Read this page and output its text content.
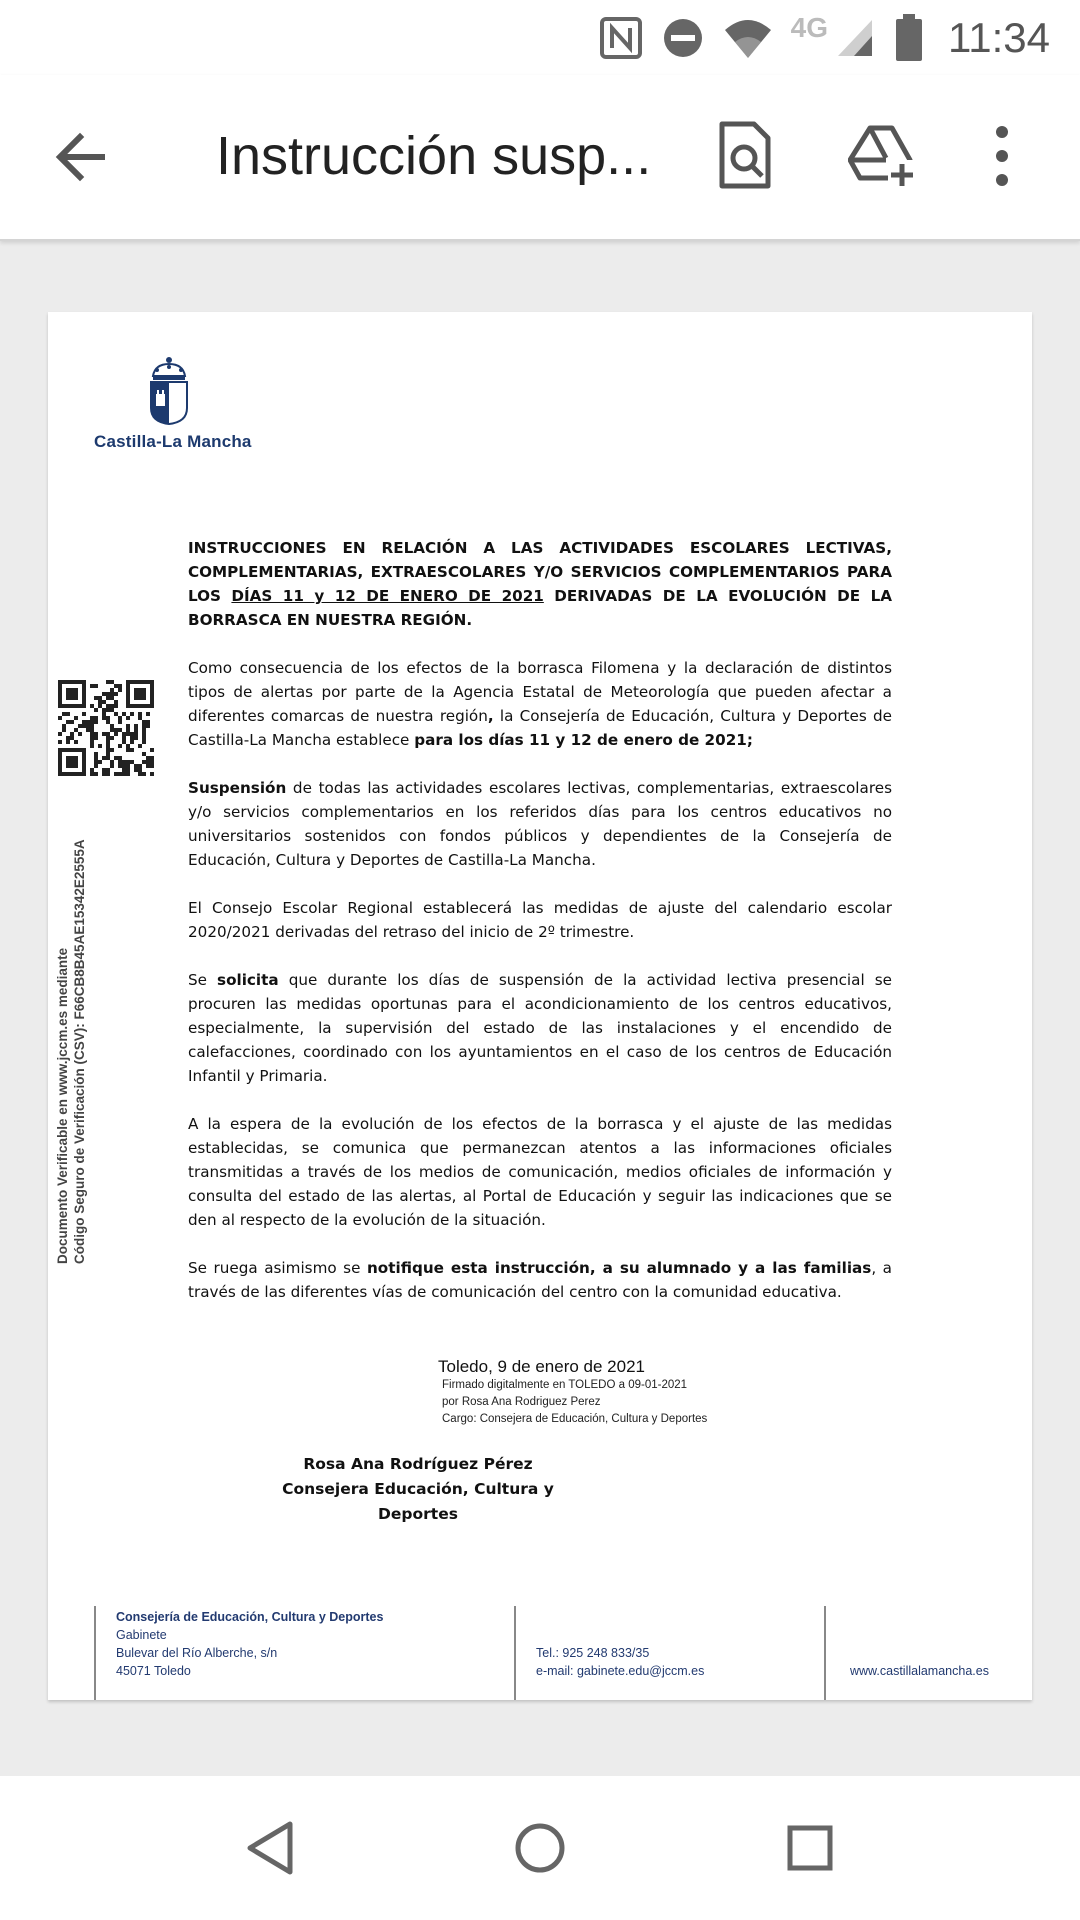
4G	11:34
Instrucción susp...
Castilla-La Mancha
Documento Verificable en www.jccm.es mediante Código Seguro de Verificación (CSV): F66CB8B45AE15342E2555A

INSTRUCCIONES EN RELACIÓN A LAS ACTIVIDADES ESCOLARES LECTIVAS, COMPLEMENTARIAS, EXTRAESCOLARES Y/O SERVICIOS COMPLEMENTARIOS PARA LOS DÍAS 11 y 12 DE ENERO DE 2021 DERIVADAS DE LA EVOLUCIÓN DE LA BORRASCA EN NUESTRA REGIÓN.

Como consecuencia de los efectos de la borrasca Filomena y la declaración de distintos tipos de alertas por parte de la Agencia Estatal de Meteorología que pueden afectar a diferentes comarcas de nuestra región, la Consejería de Educación, Cultura y Deportes de Castilla-La Mancha establece para los días 11 y 12 de enero de 2021;

Suspensión de todas las actividades escolares lectivas, complementarias, extraescolares y/o servicios complementarios en los referidos días para los centros educativos no universitarios sostenidos con fondos públicos y dependientes de la Consejería de Educación, Cultura y Deportes de Castilla-La Mancha.

El Consejo Escolar Regional establecerá las medidas de ajuste del calendario escolar 2020/2021 derivadas del retraso del inicio de 2º trimestre.

Se solicita que durante los días de suspensión de la actividad lectiva presencial se procuren las medidas oportunas para el acondicionamiento de los centros educativos, especialmente, la supervisión del estado de las instalaciones y el encendido de calefacciones, coordinado con los ayuntamientos en el caso de los centros de Educación Infantil y Primaria.

A la espera de la evolución de los efectos de la borrasca y el ajuste de las medidas establecidas, se comunica que permanezcan atentos a las informaciones oficiales transmitidas a través de los medios de comunicación, medios oficiales de información y consulta del estado de las alertas, al Portal de Educación y seguir las indicaciones que se den al respecto de la evolución de la situación.

Se ruega asimismo se notifique esta instrucción, a su alumnado y a las familias, a través de las diferentes vías de comunicación del centro con la comunidad educativa.

Toledo, 9 de enero de 2021
Firmado digitalmente en TOLEDO a 09-01-2021
por Rosa Ana Rodriguez Perez
Cargo: Consejera de Educación, Cultura y Deportes
Rosa Ana Rodríguez Pérez
Consejera Educación, Cultura y Deportes
Consejería de Educación, Cultura y Deportes
Gabinete
Bulevar del Río Alberche, s/n
45071 Toledo
Tel.: 925 248 833/35
e-mail: gabinete.edu@jccm.es	www.castillalamancha.es
